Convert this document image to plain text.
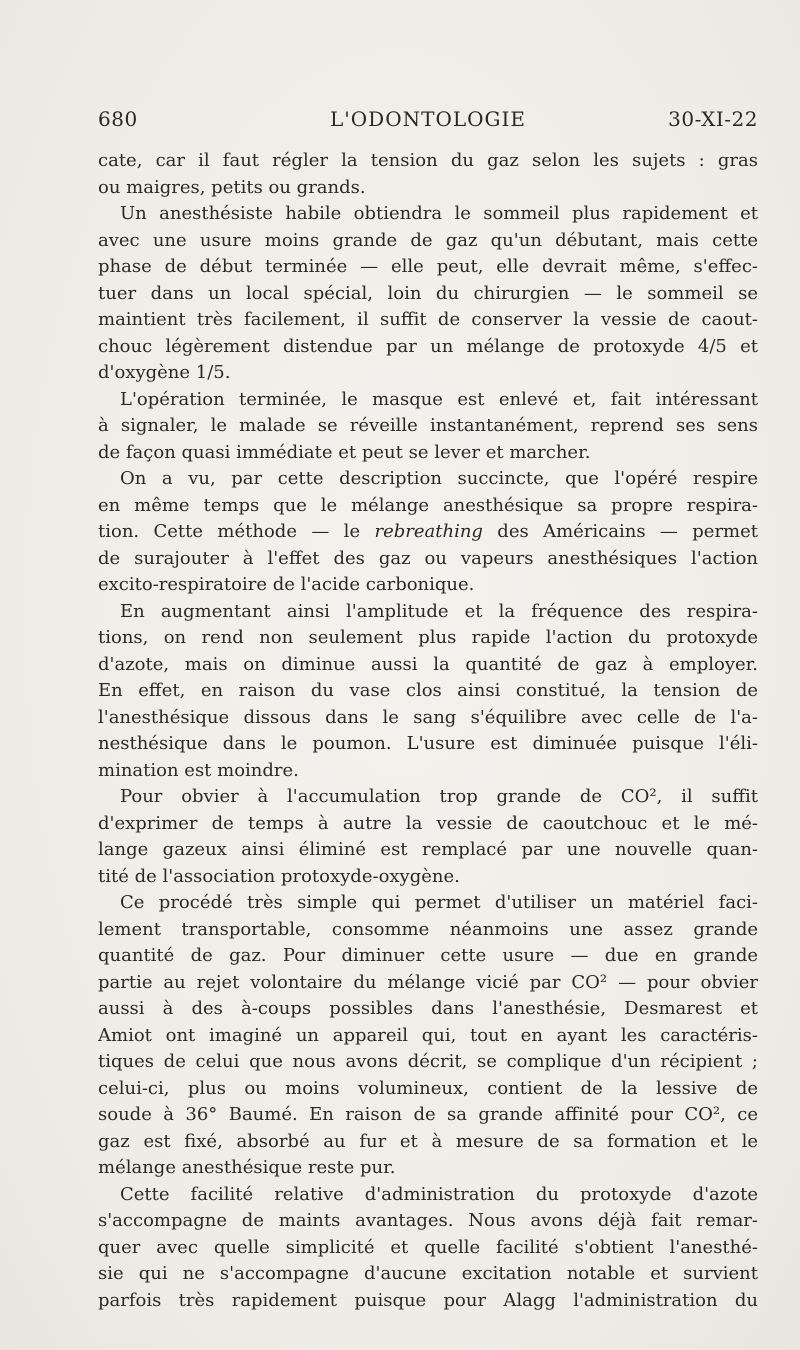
680	L'ODONTOLOGIE	30-XI-22
cate, car il faut régler la tension du gaz selon les sujets : gras
ou maigres, petits ou grands.
Un anesthésiste habile obtiendra le sommeil plus rapidement et
avec une usure moins grande de gaz qu'un débutant, mais cette
phase de début terminée — elle peut, elle devrait même, s'effec-
tuer dans un local spécial, loin du chirurgien — le sommeil se
maintient très facilement, il suffit de conserver la vessie de caout-
chouc légèrement distendue par un mélange de protoxyde 4/5 et
d'oxygène 1/5.
L'opération terminée, le masque est enlevé et, fait intéressant
à signaler, le malade se réveille instantanément, reprend ses sens
de façon quasi immédiate et peut se lever et marcher.
On a vu, par cette description succincte, que l'opéré respire
en même temps que le mélange anesthésique sa propre respira-
tion. Cette méthode — le rebreathing des Américains — permet
de surajouter à l'effet des gaz ou vapeurs anesthésiques l'action
excito-respiratoire de l'acide carbonique.
En augmentant ainsi l'amplitude et la fréquence des respira-
tions, on rend non seulement plus rapide l'action du protoxyde
d'azote, mais on diminue aussi la quantité de gaz à employer.
En effet, en raison du vase clos ainsi constitué, la tension de
l'anesthésique dissous dans le sang s'équilibre avec celle de l'a-
nesthésique dans le poumon. L'usure est diminuée puisque l'éli-
mination est moindre.
Pour obvier à l'accumulation trop grande de CO², il suffit
d'exprimer de temps à autre la vessie de caoutchouc et le mé-
lange gazeux ainsi éliminé est remplacé par une nouvelle quan-
tité de l'association protoxyde-oxygène.
Ce procédé très simple qui permet d'utiliser un matériel faci-
lement transportable, consomme néanmoins une assez grande
quantité de gaz. Pour diminuer cette usure — due en grande
partie au rejet volontaire du mélange vicié par CO² — pour obvier
aussi à des à-coups possibles dans l'anesthésie, Desmarest et
Amiot ont imaginé un appareil qui, tout en ayant les caractéris-
tiques de celui que nous avons décrit, se complique d'un récipient ;
celui-ci, plus ou moins volumineux, contient de la lessive de
soude à 36° Baumé. En raison de sa grande affinité pour CO², ce
gaz est fixé, absorbé au fur et à mesure de sa formation et le
mélange anesthésique reste pur.
Cette facilité relative d'administration du protoxyde d'azote
s'accompagne de maints avantages. Nous avons déjà fait remar-
quer avec quelle simplicité et quelle facilité s'obtient l'anesthé-
sie qui ne s'accompagne d'aucune excitation notable et survient
parfois très rapidement puisque pour Alagg l'administration du
